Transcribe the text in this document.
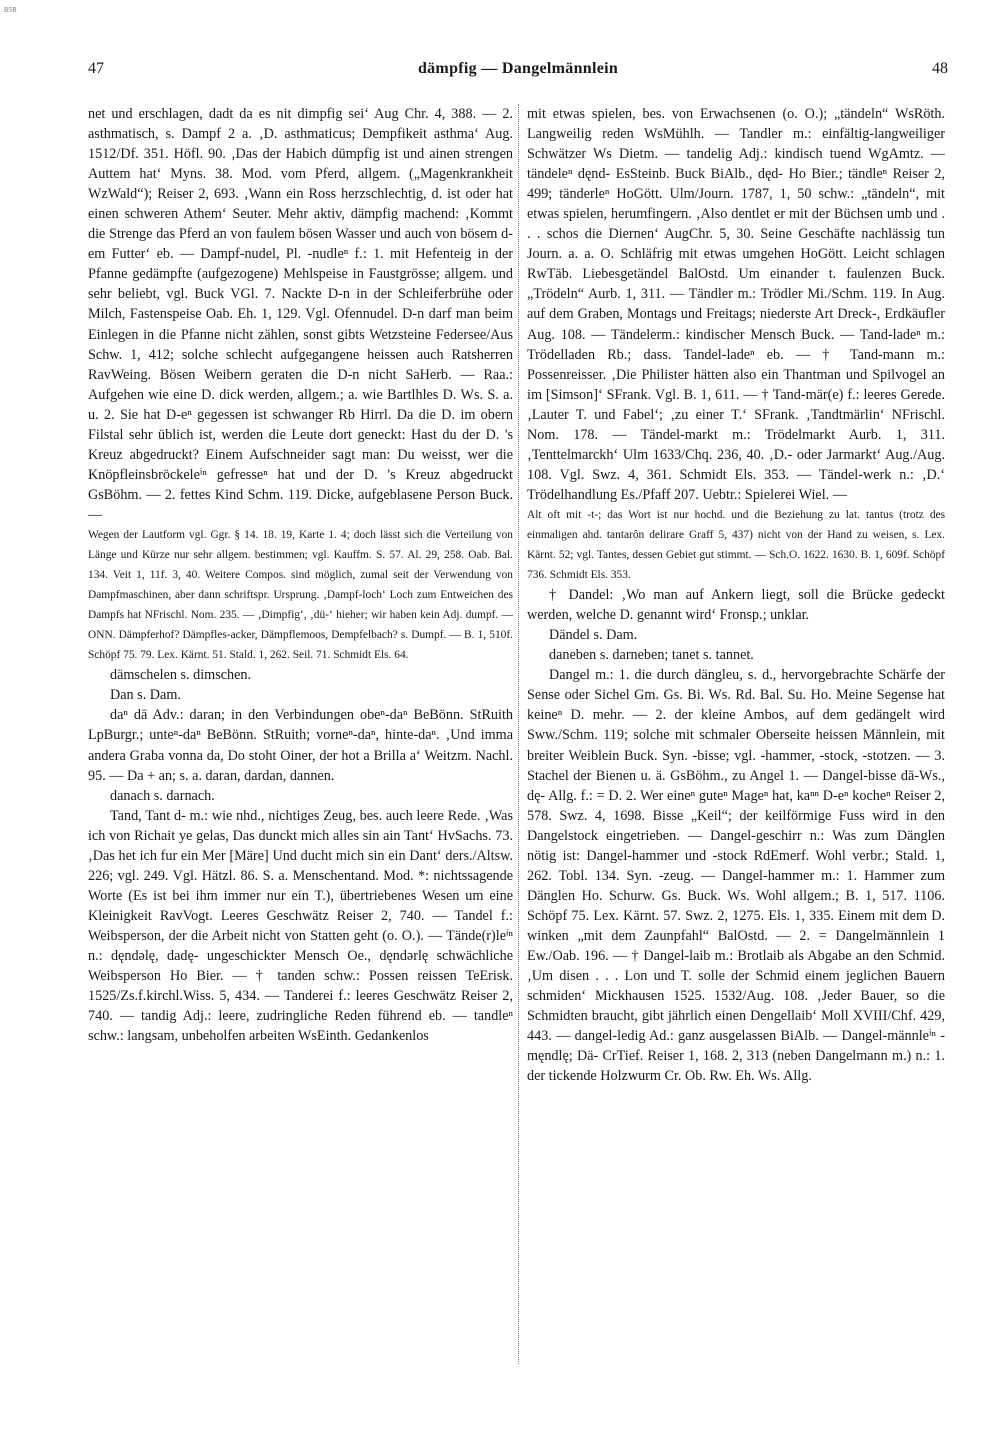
BSB
47	dämpfig — Dangelmännlein	48

net und erschlagen, dadt da es nit dimpfig sei‘ Aug Chr. 4, 388. — 2. asthmatisch, s. Dampf 2 a. ‚D. asthmaticus; Dempfikeit asthma‘ Aug. 1512/Df. 351. Höfl. 90. ‚Das der Habich dümpfig ist und ainen strengen Auttem hat‘ Myns. 38. Mod. vom Pferd, allgem. („Magenkrankheit WzWald“); Reiser 2, 693. ‚Wann ein Ross herzschlechtig, d. ist oder hat einen schweren Athem‘ Seuter. Mehr aktiv, dämpfig machend: ‚Kommt die Strenge das Pferd an von faulem bösen Wasser und auch von bösem d-em Futter‘ eb. — Dampf-nudel, Pl. -nudleⁿ f.: 1. mit Hefenteig in der Pfanne gedämpfte (aufgezogene) Mehlspeise in Faustgrösse; allgem. und sehr beliebt, vgl. Buck VGl. 7. Nackte D-n in der Schleiferbrühe oder Milch, Fastenspeise Oab. Eh. 1, 129. Vgl. Ofennudel. D-n darf man beim Einlegen in die Pfanne nicht zählen, sonst gibts Wetzsteine Federsee/Aus Schw. 1, 412; solche schlecht aufgegangene heissen auch Ratsherren RavWeing. Bösen Weibern geraten die D-n nicht SaHerb. — Raa.: Aufgehen wie eine D. dick werden, allgem.; a. wie Bartlhles D. Ws. S. a. u. 2. Sie hat D-eⁿ gegessen ist schwanger Rb Hirrl. Da die D. im obern Filstal sehr üblich ist, werden die Leute dort geneckt: Hast du der D. 's Kreuz abgedruckt? Einem Aufschneider sagt man: Du weisst, wer die Knöpfleinsbröckeleⁱⁿ gefresseⁿ hat und der D. 's Kreuz abgedruckt GsBöhm. — 2. fettes Kind Schm. 119. Dicke, aufgeblasene Person Buck. —

Wegen der Lautform vgl. Ggr. § 14. 18. 19, Karte 1. 4; doch lässt sich die Verteilung von Länge und Kürze nur sehr allgem. bestimmen; vgl. Kauffm. S. 57. Al. 29, 258. Oab. Bal. 134. Veit 1, 11f. 3, 40. Weitere Compos. sind möglich, zumal seit der Verwendung von Dampfmaschinen, aber dann schriftspr. Ursprung. ‚Dampf-loch‘ Loch zum Entweichen des Dampfs hat NFrischl. Nom. 235. — ‚Dimpfig‘, ‚dü-‘ hieher; wir haben kein Adj. dumpf. — ONN. Dämpferhof? Dämpfles-acker, Dämpflemoos, Dempfelbach? s. Dumpf. — B. 1, 510f. Schöpf 75. 79. Lex. Kärnt. 51. Stald. 1, 262. Seil. 71. Schmidt Els. 64.

dämschelen s. dimschen.

Dan s. Dam.

daⁿ dā Adv.: daran; in den Verbindungen obeⁿ-daⁿ BeBönn. StRuith LpBurgr.; unteⁿ-daⁿ BeBönn. StRuith; vorneⁿ-daⁿ, hinte-daⁿ. ‚Und imma andera Graba vonna da, Do stoht Oiner, der hot a Brilla a‘ Weitzm. Nachl. 95. — Da + an; s. a. daran, dardan, dannen.

danach s. darnach.

Tand, Tant d- m.: wie nhd., nichtiges Zeug, bes. auch leere Rede. ‚Was ich von Richait ye gelas, Das dunckt mich alles sin ain Tant‘ HvSachs. 73. ‚Das het ich fur ein Mer [Märe] Und ducht mich sin ein Dant‘ ders./Altsw. 226; vgl. 249. Vgl. Hätzl. 86. S. a. Menschentand. Mod. *: nichtssagende Worte (Es ist bei ihm immer nur ein T.), übertriebenes Wesen um eine Kleinigkeit RavVogt. Leeres Geschwätz Reiser 2, 740. — Tandel f.: Weibsperson, der die Arbeit nicht von Statten geht (o. O.). — Tände(r)leⁱⁿ n.: dęndəlę, dadę- ungeschickter Mensch Oe., dęndərlę schwächliche Weibsperson Ho Bier. — † tanden schw.: Possen reissen TeErisk. 1525/Zs.f.kirchl.Wiss. 5, 434. — Tanderei f.: leeres Geschwätz Reiser 2, 740. — tandig Adj.: leere, zudringliche Reden führend eb. — tandleⁿ schw.: langsam, unbeholfen arbeiten WsEinth. Gedankenlos

mit etwas spielen, bes. von Erwachsenen (o. O.); „tändeln“ WsRöth. Langweilig reden WsMühlh. — Tandler m.: einfältig-langweiliger Schwätzer Ws Dietm. — tandelig Adj.: kindisch tuend WgAmtz. — tändeleⁿ dęnd- EsSteinb. Buck BiAlb., dęd- Ho Bier.; tändleⁿ Reiser 2, 499; tänderleⁿ HoGött. Ulm/Journ. 1787, 1, 50 schw.: „tändeln“, mit etwas spielen, herumfingern. ‚Also dentlet er mit der Büchsen umb und . . . schos die Diernen‘ AugChr. 5, 30. Seine Geschäfte nachlässig tun Journ. a. a. O. Schläfrig mit etwas umgehen HoGött. Leicht schlagen RwTäb. Liebesgetändel BalOstd. Um einander t. faulenzen Buck. „Trödeln“ Aurb. 1, 311. — Tändler m.: Trödler Mi./Schm. 119. In Aug. auf dem Graben, Montags und Freitags; niederste Art Dreck-, Erdkäufler Aug. 108. — Tändelerm.: kindischer Mensch Buck. — Tand-ladeⁿ m.: Trödelladen Rb.; dass. Tandel-ladeⁿ eb. — † Tand-mann m.: Possenreisser. ‚Die Philister hätten also ein Thantman und Spilvogel an im [Simson]‘ SFrank. Vgl. B. 1, 611. — † Tand-mär(e) f.: leeres Gerede. ‚Lauter T. und Fabel‘; ‚zu einer T.‘ SFrank. ‚Tandtmärlin‘ NFrischl. Nom. 178. — Tändel-markt m.: Trödelmarkt Aurb. 1, 311. ‚Tenttelmarckh‘ Ulm 1633/Chq. 236, 40. ‚D.- oder Jarmarkt‘ Aug./Aug. 108. Vgl. Swz. 4, 361. Schmidt Els. 353. — Tändel-werk n.: ‚D.‘ Trödelhandlung Es./Pfaff 207. Uebtr.: Spielerei Wiel. —

Alt oft mit -t-; das Wort ist nur hochd. und die Beziehung zu lat. tantus (trotz des einmaligen ahd. tantarôn delirare Graff 5, 437) nicht von der Hand zu weisen, s. Lex. Kärnt. 52; vgl. Tantes, dessen Gebiet gut stimmt. — Sch.O. 1622. 1630. B. 1, 609f. Schöpf 736. Schmidt Els. 353.

† Dandel: ‚Wo man auf Ankern liegt, soll die Brücke gedeckt werden, welche D. genannt wird‘ Fronsp.; unklar.

Dändel s. Dam.

daneben s. darneben; tanet s. tannet.

Dangel m.: 1. die durch dängleu, s. d., hervorgebrachte Schärfe der Sense oder Sichel Gm. Gs. Bi. Ws. Rd. Bal. Su. Ho. Meine Segense hat keineⁿ D. mehr. — 2. der kleine Ambos, auf dem gedängelt wird Sww./Schm. 119; solche mit schmaler Oberseite heissen Männlein, mit breiter Weiblein Buck. Syn. -bisse; vgl. -hammer, -stock, -stotzen. — 3. Stachel der Bienen u. ä. GsBöhm., zu Angel 1. — Dangel-bisse dā-Ws., dę- Allg. f.: = D. 2. Wer eineⁿ guteⁿ Mageⁿ hat, kaⁿⁿ D-eⁿ kocheⁿ Reiser 2, 578. Swz. 4, 1698. Bisse „Keil“; der keilförmige Fuss wird in den Dangelstock eingetrieben. — Dangel-geschirr n.: Was zum Dänglen nötig ist: Dangel-hammer und -stock RdEmerf. Wohl verbr.; Stald. 1, 262. Tobl. 134. Syn. -zeug. — Dangel-hammer m.: 1. Hammer zum Dänglen Ho. Schurw. Gs. Buck. Ws. Wohl allgem.; B. 1, 517. 1106. Schöpf 75. Lex. Kärnt. 57. Swz. 2, 1275. Els. 1, 335. Einem mit dem D. winken „mit dem Zaunpfahl“ BalOstd. — 2. = Dangelmännlein 1 Ew./Oab. 196. — † Dangel-laib m.: Brotlaib als Abgabe an den Schmid. ‚Um disen . . . Lon und T. solle der Schmid einem jeglichen Bauern schmiden‘ Mickhausen 1525. 1532/Aug. 108. ‚Jeder Bauer, so die Schmidten braucht, gibt jährlich einen Dengellaib‘ Moll XVIII/Chf. 429, 443. — dangel-ledig Ad.: ganz ausgelassen BiAlb. — Dangel-männleⁱⁿ -męndlę; Dä- CrTief. Reiser 1, 168. 2, 313 (neben Dangelmann m.) n.: 1. der tickende Holzwurm Cr. Ob. Rw. Eh. Ws. Allg.
